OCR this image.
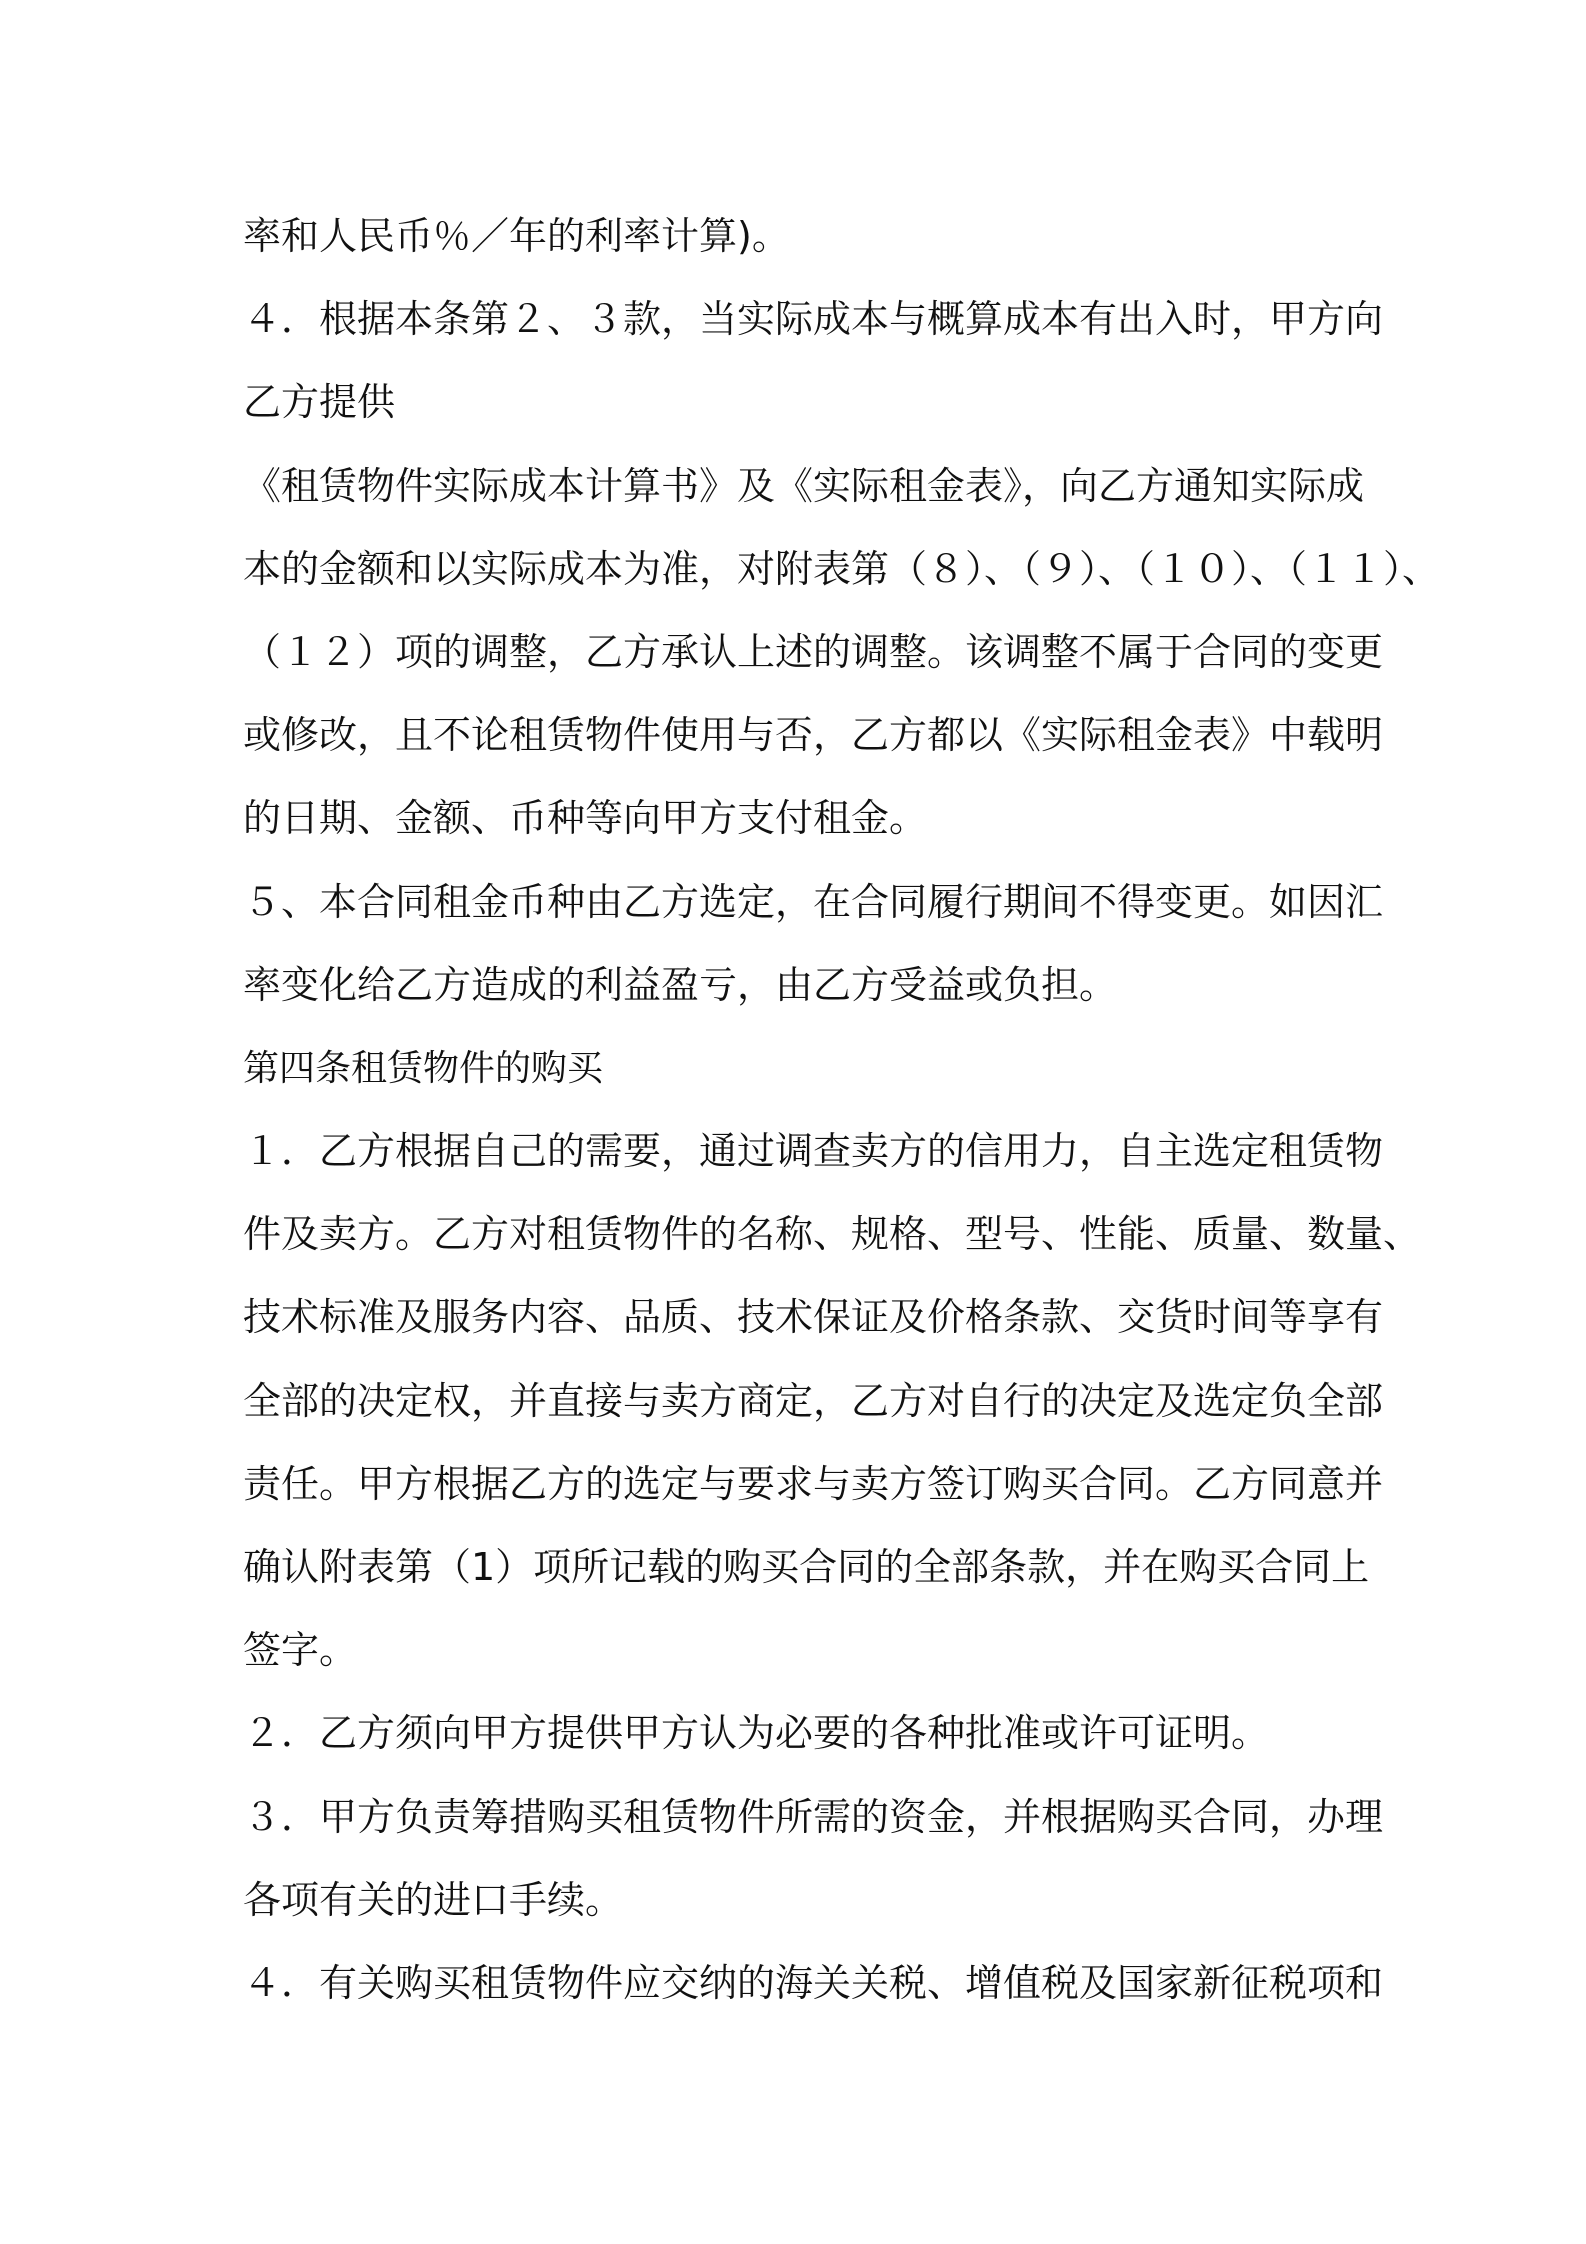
率和人民币％／年的利率计算)。
４．根据本条第２、３款，当实际成本与概算成本有出入时，甲方向
乙方提供
《租赁物件实际成本计算书》及《实际租金表》，向乙方通知实际成
本的金额和以实际成本为准，对附表第（８）、（９）、（１０）、（１１）、
（１２）项的调整，乙方承认上述的调整。该调整不属于合同的变更
或修改，且不论租赁物件使用与否，乙方都以《实际租金表》中载明
的日期、金额、币种等向甲方支付租金。
５、本合同租金币种由乙方选定，在合同履行期间不得变更。如因汇
率变化给乙方造成的利益盈亏，由乙方受益或负担。
第四条租赁物件的购买
１．乙方根据自己的需要，通过调查卖方的信用力，自主选定租赁物
件及卖方。乙方对租赁物件的名称、规格、型号、性能、质量、数量、
技术标准及服务内容、品质、技术保证及价格条款、交货时间等享有
全部的决定权，并直接与卖方商定，乙方对自行的决定及选定负全部
责任。甲方根据乙方的选定与要求与卖方签订购买合同。乙方同意并
确认附表第（1）项所记载的购买合同的全部条款，并在购买合同上
签字。
２．乙方须向甲方提供甲方认为必要的各种批准或许可证明。
３．甲方负责筹措购买租赁物件所需的资金，并根据购买合同，办理
各项有关的进口手续。
４．有关购买租赁物件应交纳的海关关税、增值税及国家新征税项和
